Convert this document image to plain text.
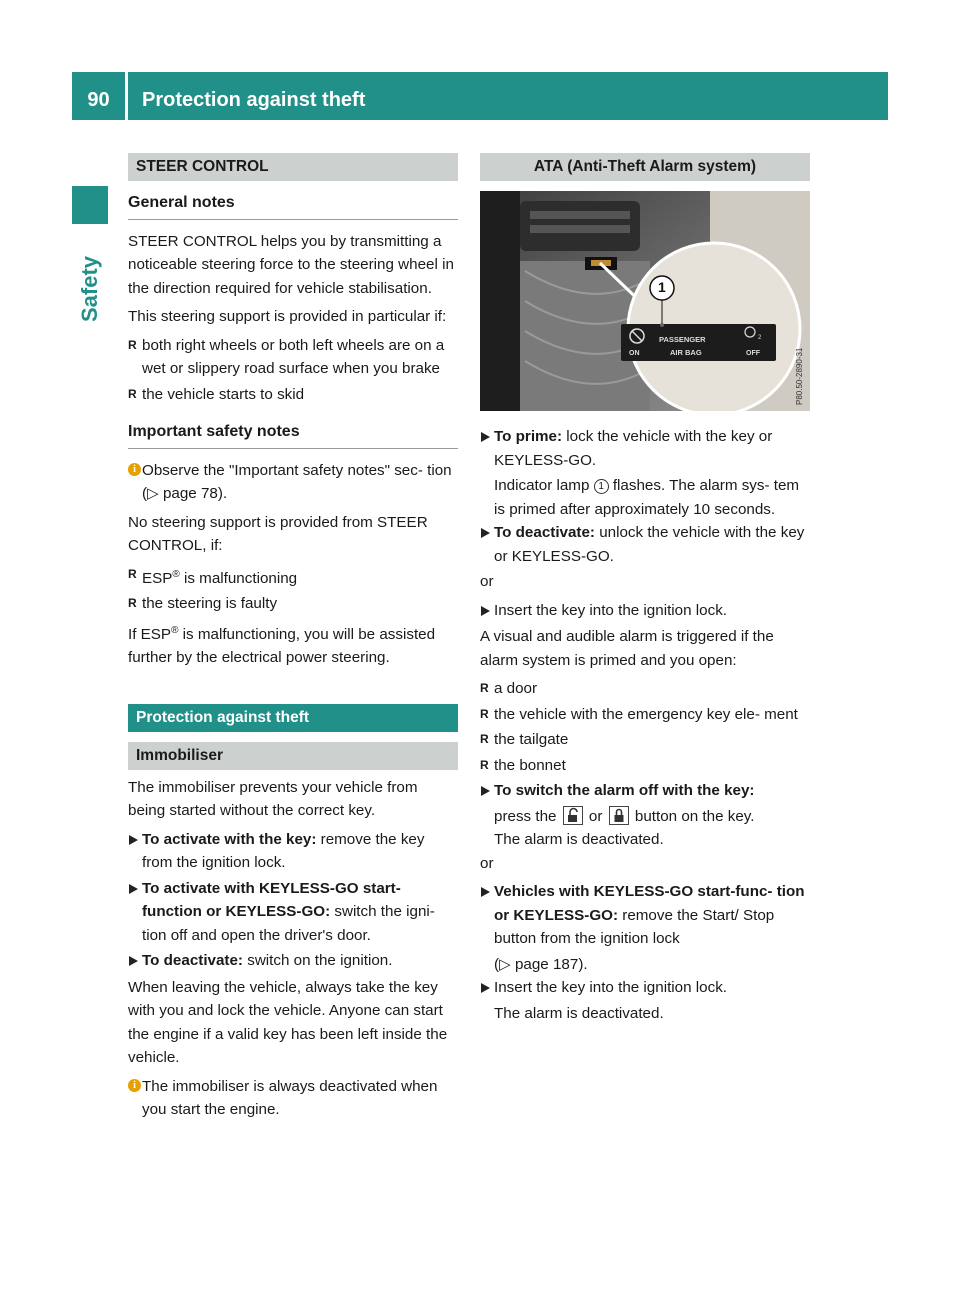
90	Protection against theft
Safety
STEER CONTROL
General notes

STEER CONTROL helps you by transmitting a noticeable steering force to the steering wheel in the direction required for vehicle stabilisation.

This steering support is provided in particular if:

R both right wheels or both left wheels are on a wet or slippery road surface when you brake
R the vehicle starts to skid
Important safety notes
i Observe the "Important safety notes" sec- tion (▷ page 78).

No steering support is provided from STEER CONTROL, if:

R ESP® is malfunctioning
R the steering is faulty

If ESP® is malfunctioning, you will be assisted further by the electrical power steering.

Protection against theft
Immobiliser

The immobiliser prevents your vehicle from being started without the correct key.

To activate with the key: remove the key from the ignition lock.
To activate with KEYLESS-GO start- function or KEYLESS-GO: switch the igni- tion off and open the driver's door.
To deactivate: switch on the ignition.

When leaving the vehicle, always take the key with you and lock the vehicle. Anyone can start the engine if a valid key has been left inside the vehicle.

i The immobiliser is always deactivated when you start the engine.
ATA (Anti-Theft Alarm system)
1
ON
PASSENGER
AIR BAG	OFF
2
P80.50-2890-31
To prime: lock the vehicle with the key or KEYLESS-GO.
Indicator lamp 1 flashes. The alarm sys- tem is primed after approximately 10 seconds.
To deactivate: unlock the vehicle with the key or KEYLESS-GO.

or

Insert the key into the ignition lock.

A visual and audible alarm is triggered if the alarm system is primed and you open:

R a door
R the vehicle with the emergency key ele- ment
R the tailgate
R the bonnet
To switch the alarm off with the key:
press the  or  button on the key.
The alarm is deactivated.

or

Vehicles with KEYLESS-GO start-func- tion or KEYLESS-GO: remove the Start/ Stop button from the ignition lock
(▷ page 187).
Insert the key into the ignition lock.
The alarm is deactivated.
